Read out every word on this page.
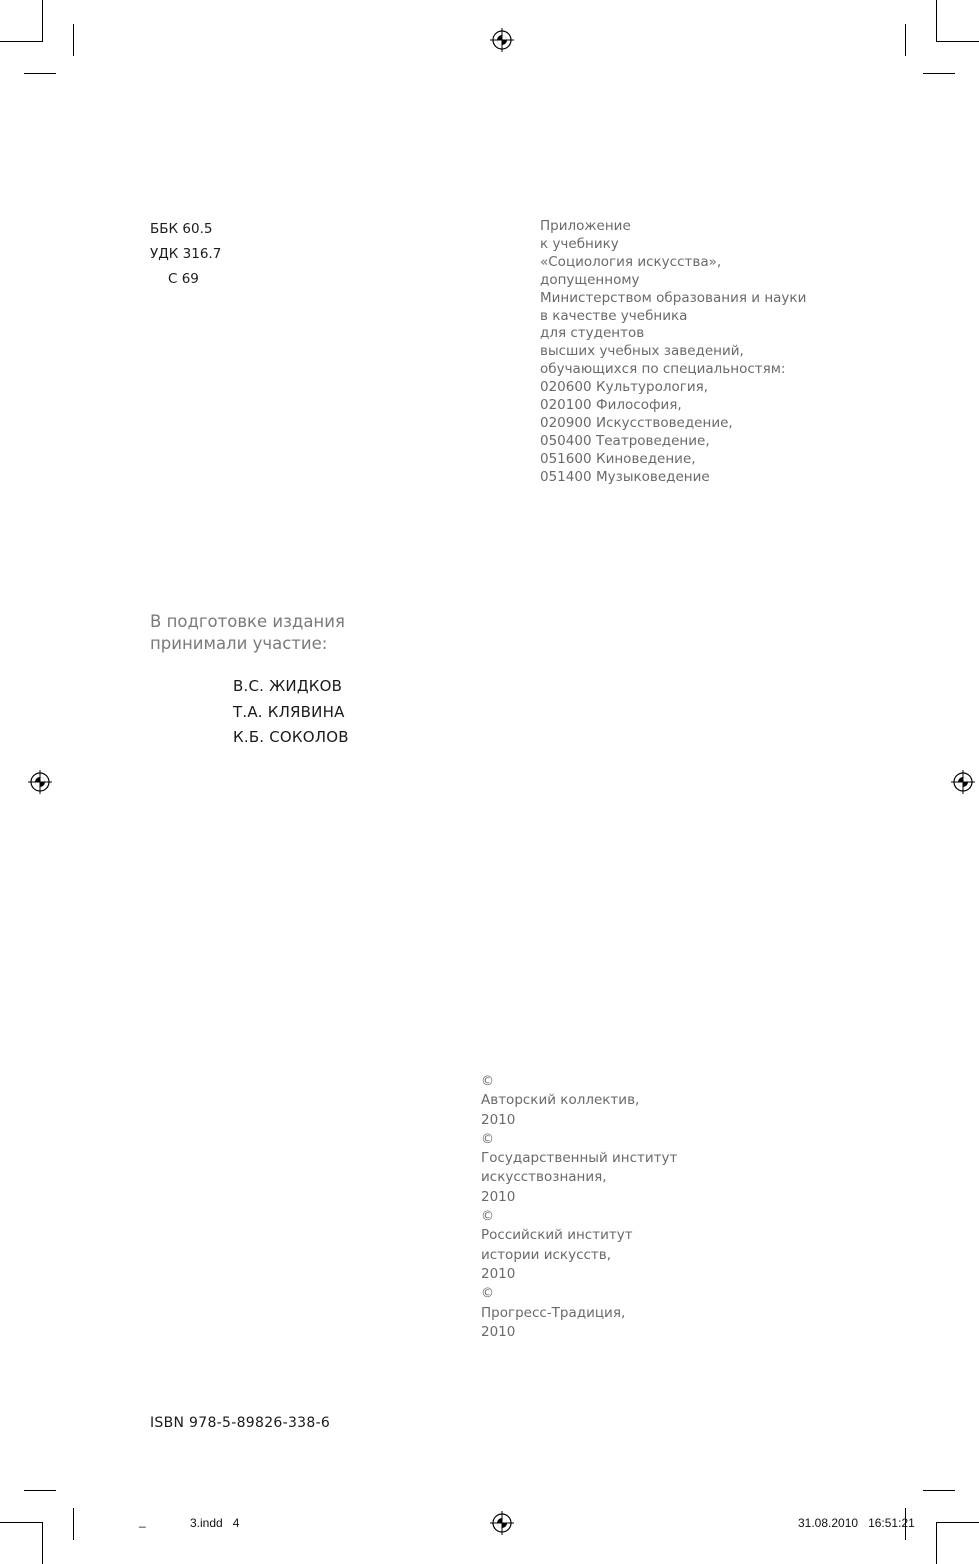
ББК 60.5
УДК 316.7
С 69
Приложение
к учебнику
«Социология искусства»,
допущенному
Министерством образования и науки
в качестве учебника
для студентов
высших учебных заведений,
обучающихся по специальностям:
020600 Культурология,
020100 Философия,
020900 Искусствоведение,
050400 Театроведение,
051600 Киноведение,
051400 Музыковедение
В подготовке издания
принимали участие:
В.С. ЖИДКОВ
Т.А. КЛЯВИНА
К.Б. СОКОЛОВ
©
Авторский коллектив,
2010
©
Государственный институт
искусствознания,
2010
©
Российский институт
истории искусств,
2010
©
Прогресс-Традиция,
2010
ISBN 978-5-89826-338-6
_	3.indd 4	31.08.2010 16:51:21
